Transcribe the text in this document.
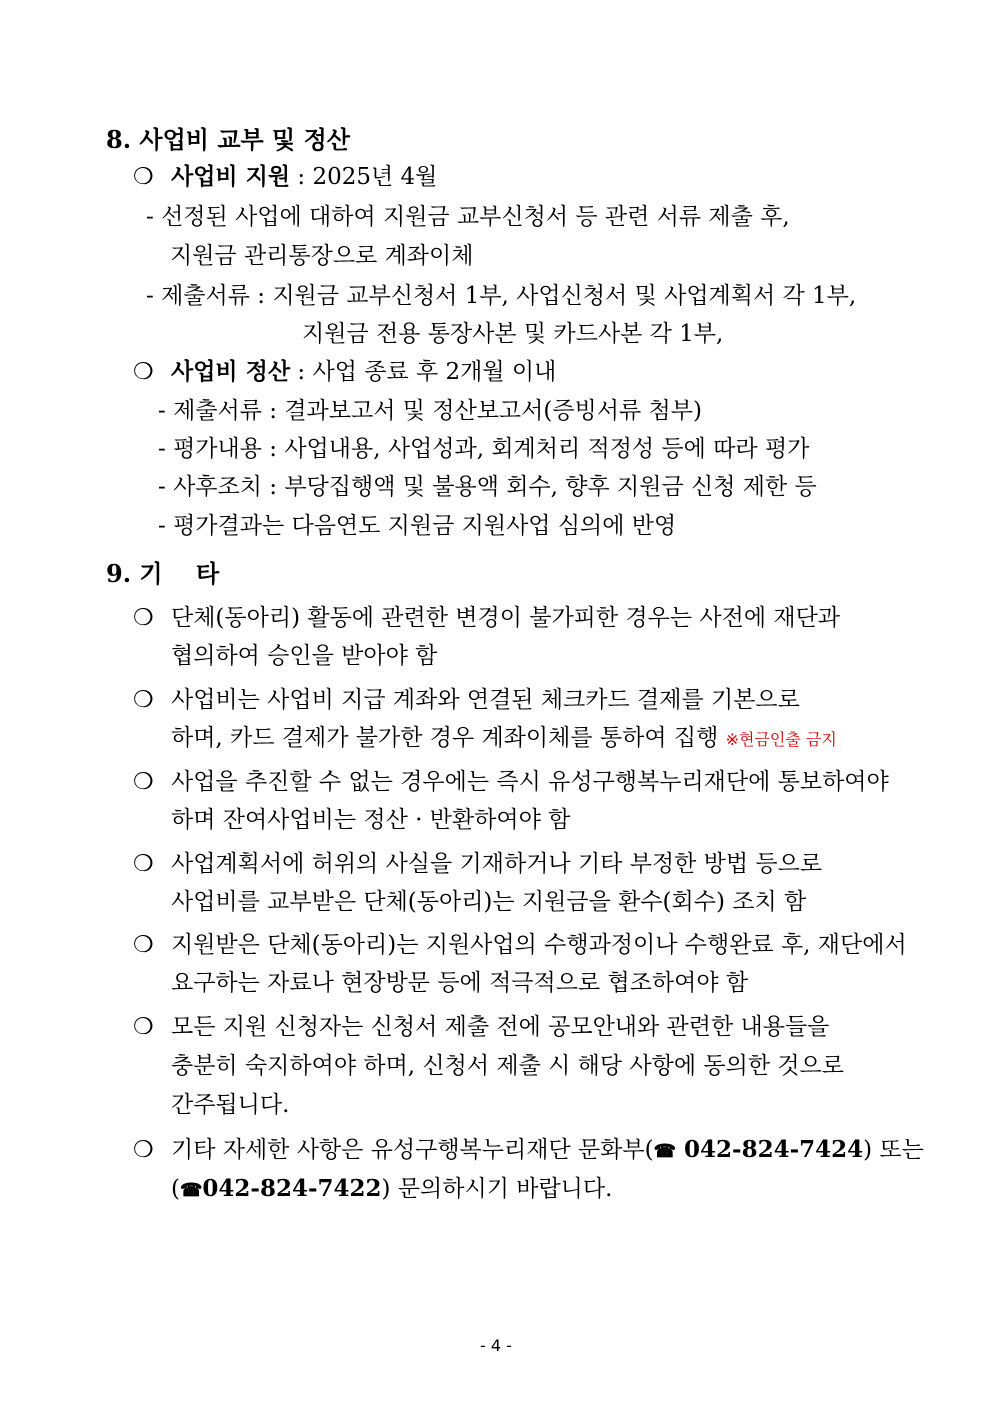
8. 사업비 교부 및 정산
❍ 사업비 지원 : 2025년 4월
- 선정된 사업에 대하여 지원금 교부신청서 등 관련 서류 제출 후,
지원금 관리통장으로 계좌이체
- 제출서류 : 지원금 교부신청서 1부, 사업신청서 및 사업계획서 각 1부,
지원금 전용 통장사본 및 카드사본 각 1부,
❍ 사업비 정산 : 사업 종료 후 2개월 이내
- 제출서류 : 결과보고서 및 정산보고서(증빙서류 첨부)
- 평가내용 : 사업내용, 사업성과, 회계처리 적정성 등에 따라 평가
- 사후조치 : 부당집행액 및 불용액 회수, 향후 지원금 신청 제한 등
- 평가결과는 다음연도 지원금 지원사업 심의에 반영
9. 기    타
❍ 단체(동아리) 활동에 관련한 변경이 불가피한 경우는 사전에 재단과
협의하여 승인을 받아야 함
❍ 사업비는 사업비 지급 계좌와 연결된 체크카드 결제를 기본으로
하며, 카드 결제가 불가한 경우 계좌이체를 통하여 집행 ※현금인출 금지
❍ 사업을 추진할 수 없는 경우에는 즉시 유성구행복누리재단에 통보하여야
하며 잔여사업비는 정산 · 반환하여야 함
❍ 사업계획서에 허위의 사실을 기재하거나 기타 부정한 방법 등으로
사업비를 교부받은 단체(동아리)는 지원금을 환수(회수) 조치 함
❍ 지원받은 단체(동아리)는 지원사업의 수행과정이나 수행완료 후, 재단에서
요구하는 자료나 현장방문 등에 적극적으로 협조하여야 함
❍ 모든 지원 신청자는 신청서 제출 전에 공모안내와 관련한 내용들을
충분히 숙지하여야 하며, 신청서 제출 시 해당 사항에 동의한 것으로
간주됩니다.
❍ 기타 자세한 사항은 유성구행복누리재단 문화부(☎ 042-824-7424) 또는
(☎042-824-7422) 문의하시기 바랍니다.
- 4 -
